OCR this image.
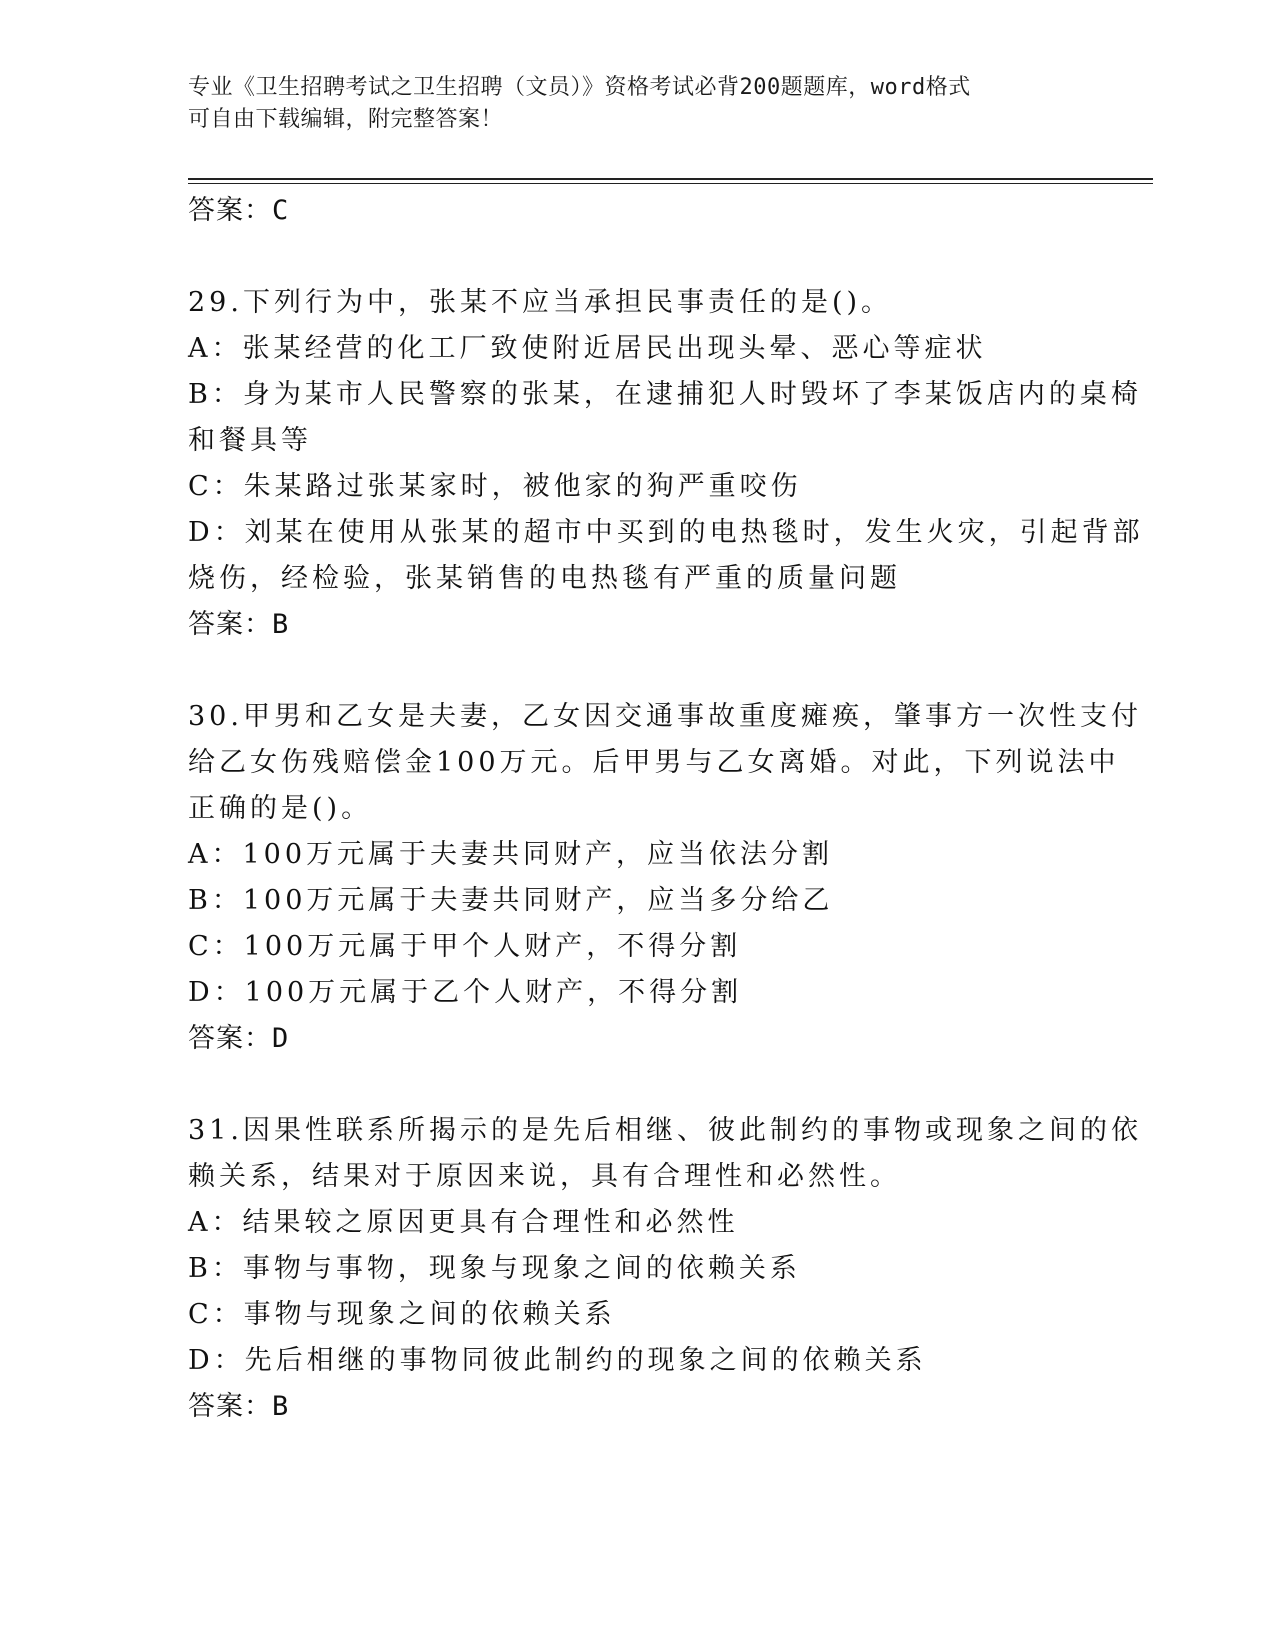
专业《卫生招聘考试之卫生招聘（文员）》资格考试必背200题题库，word格式
可自由下载编辑，附完整答案！
答案：C
29.下列行为中，张某不应当承担民事责任的是()。
A：张某经营的化工厂致使附近居民出现头晕、恶心等症状
B：身为某市人民警察的张某，在逮捕犯人时毁坏了李某饭店内的桌椅
和餐具等
C：朱某路过张某家时，被他家的狗严重咬伤
D：刘某在使用从张某的超市中买到的电热毯时，发生火灾，引起背部
烧伤，经检验，张某销售的电热毯有严重的质量问题
答案：B
30.甲男和乙女是夫妻，乙女因交通事故重度瘫痪，肇事方一次性支付
给乙女伤残赔偿金100万元。后甲男与乙女离婚。对此，下列说法中
正确的是()。
A：100万元属于夫妻共同财产，应当依法分割
B：100万元属于夫妻共同财产，应当多分给乙
C：100万元属于甲个人财产，不得分割
D：100万元属于乙个人财产，不得分割
答案：D
31.因果性联系所揭示的是先后相继、彼此制约的事物或现象之间的依
赖关系，结果对于原因来说，具有合理性和必然性。
A：结果较之原因更具有合理性和必然性
B：事物与事物，现象与现象之间的依赖关系
C：事物与现象之间的依赖关系
D：先后相继的事物同彼此制约的现象之间的依赖关系
答案：B
